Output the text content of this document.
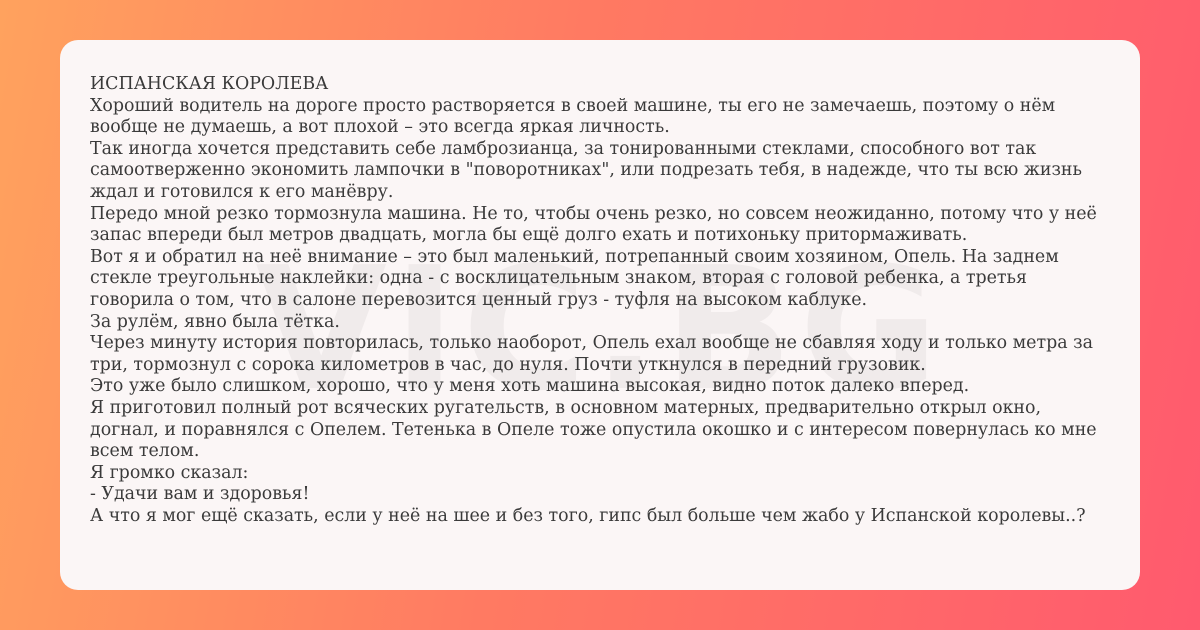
ИСПАНСКАЯ КОРОЛЕВА

Хороший водитель на дороге просто растворяется в своей машине, ты его не замечаешь, поэтому о нём вообще не думаешь, а вот плохой – это всегда яркая личность.

Так иногда хочется представить себе ламброзианца, за тонированными стеклами, способного вот так самоотверженно экономить лампочки в "поворотниках", или подрезать тебя, в надежде, что ты всю жизнь ждал и готовился к его манёвру.

Передо мной резко тормознула машина. Не то, чтобы очень резко, но совсем неожиданно, потому что у неё запас впереди был метров двадцать, могла бы ещё долго ехать и потихоньку притормаживать.

Вот я и обратил на неё внимание – это был маленький, потрепанный своим хозяином, Опель. На заднем стекле треугольные наклейки: одна - с восклицательным знаком, вторая с головой ребенка, а третья говорила о том, что в салоне перевозится ценный груз - туфля на высоком каблуке.

За рулём, явно была тётка.

Через минуту история повторилась, только наоборот, Опель ехал вообще не сбавляя ходу и только метра за три, тормознул с сорока километров в час, до нуля. Почти уткнулся в передний грузовик.

Это уже было слишком, хорошо, что у меня хоть машина высокая, видно поток далеко вперед.

Я приготовил полный рот всяческих ругательств, в основном матерных, предварительно открыл окно, догнал, и поравнялся с Опелем. Тетенька в Опеле тоже опустила окошко и с интересом повернулась ко мне всем телом.

Я громко сказал:

- Удачи вам и здоровья!

А что я мог ещё сказать, если у неё на шее и без того, гипс был больше чем жабо у Испанской королевы..?
